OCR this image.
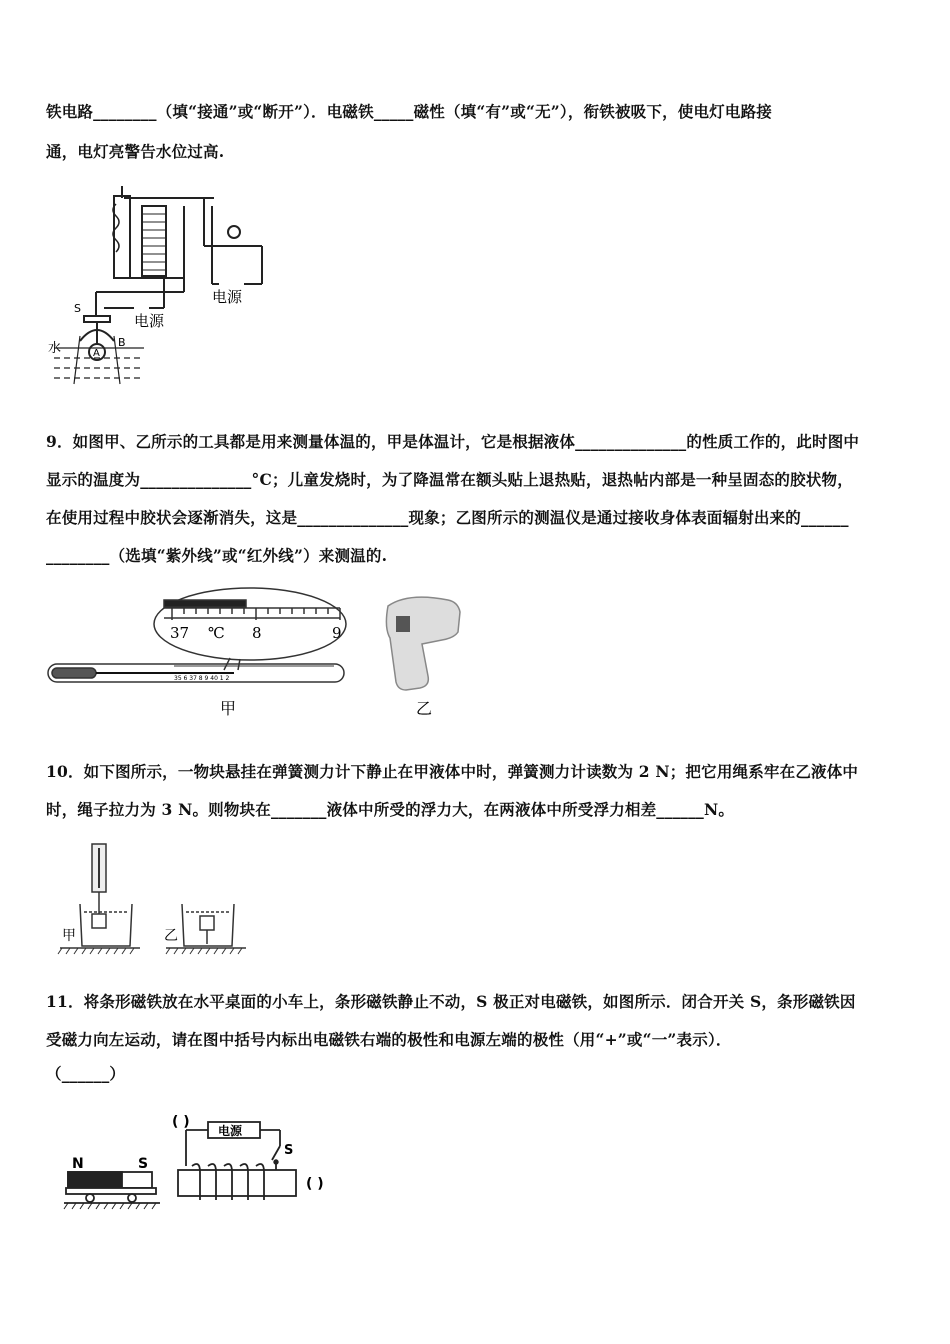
铁电路________（填“接通”或“断开”）．电磁铁_____磁性（填“有”或“无”），衔铁被吸下，使电灯电路接
通，电灯亮警告水位过高.
电源
电源
水
S
B
A
9．如图甲、乙所示的工具都是用来测量体温的，甲是体温计，它是根据液体______________的性质工作的，此时图中
显示的温度为______________°C；儿童发烧时，为了降温常在额头贴上退热贴，退热帖内部是一种呈固态的胶状物，
在使用过程中胶状会逐渐消失，这是______________现象；乙图所示的测温仪是通过接收身体表面辐射出来的______
________（选填“紫外线”或“红外线”）来测温的.
37 ℃ 8	9
35 6 37 8 9 40 1 2
甲	乙
10．如下图所示，一物块悬挂在弹簧测力计下静止在甲液体中时，弹簧测力计读数为 2 N；把它用绳系牢在乙液体中
时，绳子拉力为 3 N。则物块在_______液体中所受的浮力大，在两液体中所受浮力相差______N。
甲	乙
11．将条形磁铁放在水平桌面的小车上，条形磁铁静止不动，S 极正对电磁铁，如图所示．闭合开关 S，条形磁铁因
受磁力向左运动，请在图中括号内标出电磁铁右端的极性和电源左端的极性（用“+”或“一”表示）．
（______）
N	S
电源
S
( )
( )
